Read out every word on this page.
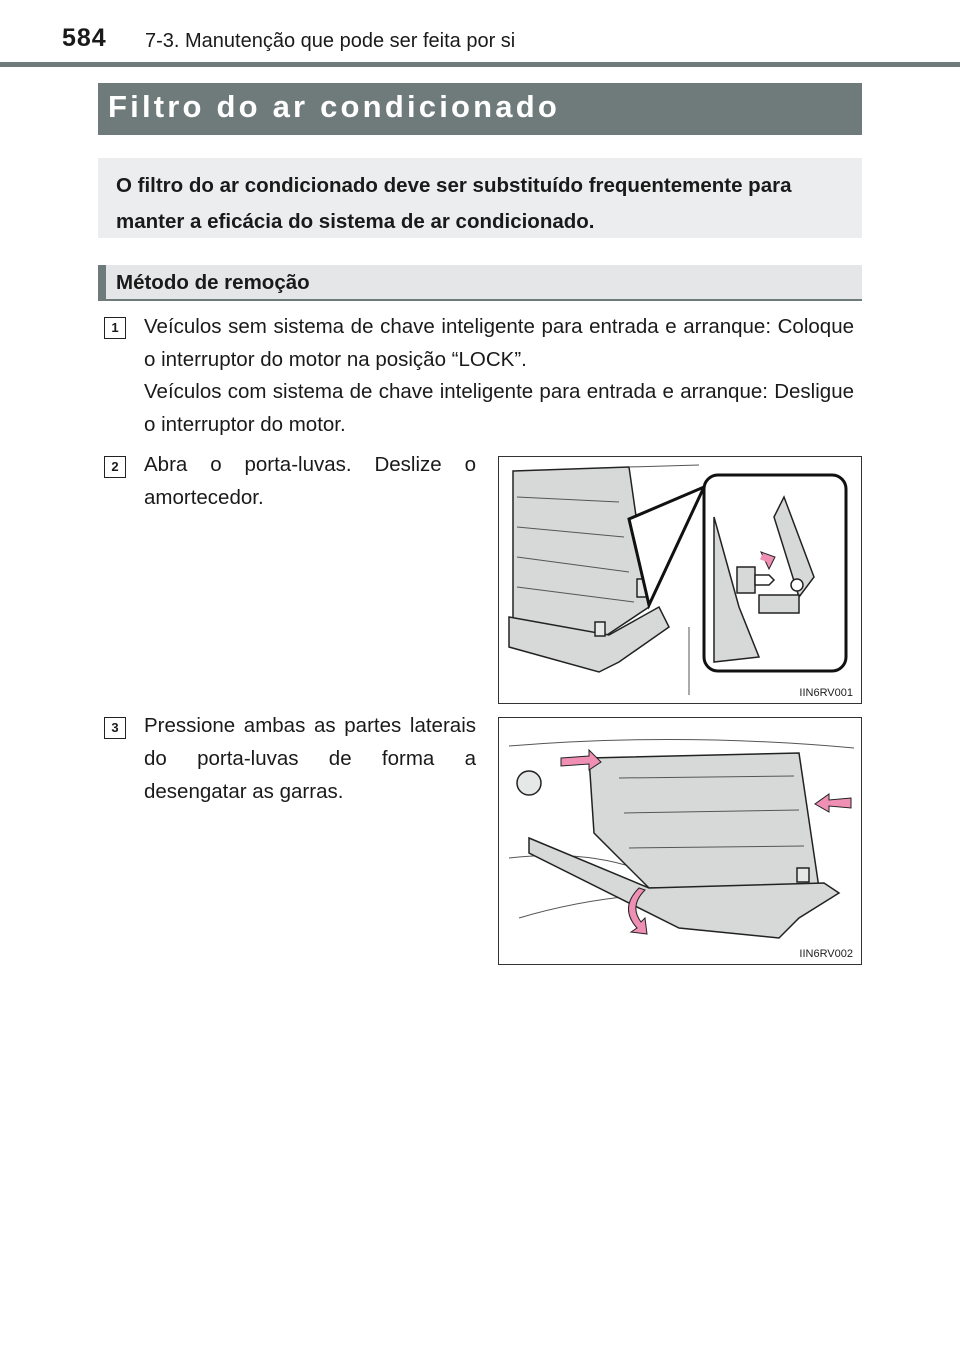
584 7-3. Manutenção que pode ser feita por si
Filtro do ar condicionado
O filtro do ar condicionado deve ser substituído frequentemente para manter a eficácia do sistema de ar condicionado.
Método de remoção
1	Veículos sem sistema de chave inteligente para entrada e arranque: Coloque o interruptor do motor na posição “LOCK”.
Veículos com sistema de chave inteligente para entrada e arranque: Desligue o interruptor do motor.
2	Abra o porta-luvas. Deslize o amortecedor.
IIN6RV001
3	Pressione ambas as partes laterais do porta-luvas de forma a desengatar as garras.
IIN6RV002
